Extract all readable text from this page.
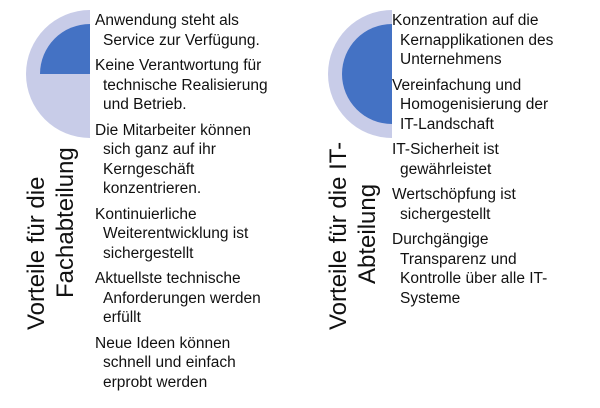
Vorteile für die Fachabteilung
Anwendung steht als
Service zur Verfügung.
Keine Verantwortung für
technische Realisierung
und Betrieb.
Die Mitarbeiter können
sich ganz auf ihr
Kerngeschäft
konzentrieren.
Kontinuierliche
Weiterentwicklung ist
sichergestellt
Aktuellste technische
Anforderungen werden
erfüllt
Neue Ideen können
schnell und einfach
erprobt werden
Vorteile für die IT- Abteilung
Konzentration auf die
Kernapplikationen des
Unternehmens
Vereinfachung und
Homogenisierung der
IT-Landschaft
IT-Sicherheit ist
gewährleistet
Wertschöpfung ist
sichergestellt
Durchgängige
Transparenz und
Kontrolle über alle IT-
Systeme
